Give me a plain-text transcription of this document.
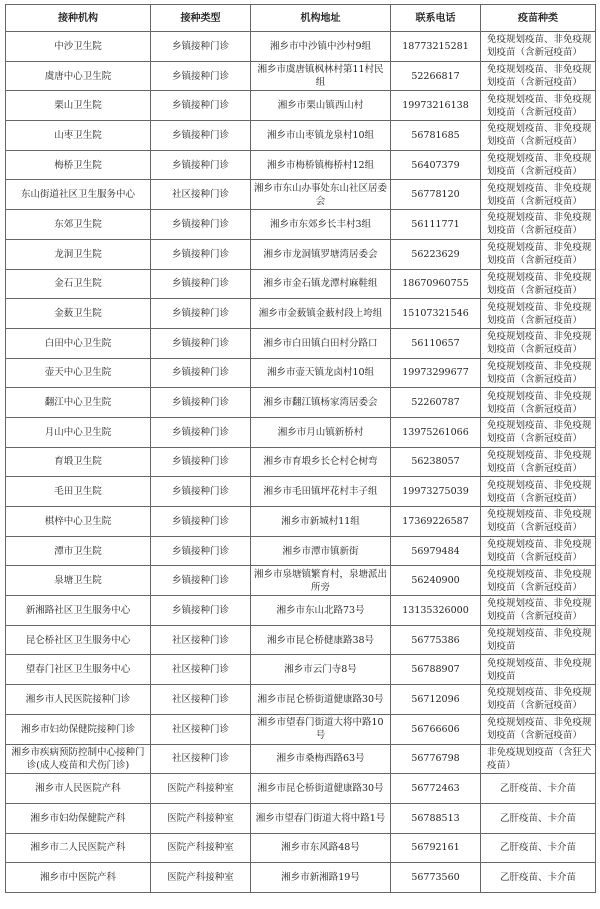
接种机构	接种类型	机构地址	联系电话	疫苗种类
中沙卫生院	乡镇接种门诊	湘乡市中沙镇中沙村9组	18773215281	免疫规划疫苗、非免疫规划疫苗（含新冠疫苗）
虞唐中心卫生院	乡镇接种门诊	湘乡市虞唐镇枫林村第11村民组	52266817	免疫规划疫苗、非免疫规划疫苗（含新冠疫苗）
栗山卫生院	乡镇接种门诊	湘乡市栗山镇西山村	19973216138	免疫规划疫苗、非免疫规划疫苗（含新冠疫苗）
山枣卫生院	乡镇接种门诊	湘乡市山枣镇龙泉村10组	56781685	免疫规划疫苗、非免疫规划疫苗（含新冠疫苗）
梅桥卫生院	乡镇接种门诊	湘乡市梅桥镇梅桥村12组	56407379	免疫规划疫苗、非免疫规划疫苗（含新冠疫苗）
东山街道社区卫生服务中心	社区接种门诊	湘乡市东山办事处东山社区居委会	56778120	免疫规划疫苗、非免疫规划疫苗（含新冠疫苗）
东郊卫生院	乡镇接种门诊	湘乡市东郊乡长丰村3组	56111771	免疫规划疫苗、非免疫规划疫苗（含新冠疫苗）
龙洞卫生院	乡镇接种门诊	湘乡市龙洞镇罗塘湾居委会	56223629	免疫规划疫苗、非免疫规划疫苗（含新冠疫苗）
金石卫生院	乡镇接种门诊	湘乡市金石镇龙潭村麻鞋组	18670960755	免疫规划疫苗、非免疫规划疫苗（含新冠疫苗）
金薮卫生院	乡镇接种门诊	湘乡市金薮镇金薮村段上垮组	15107321546	免疫规划疫苗、非免疫规划疫苗（含新冠疫苗）
白田中心卫生院	乡镇接种门诊	湘乡市白田镇白田村分路口	56110657	免疫规划疫苗、非免疫规划疫苗（含新冠疫苗）
壶天中心卫生院	乡镇接种门诊	湘乡市壶天镇龙卤村10组	19973299677	免疫规划疫苗、非免疫规划疫苗（含新冠疫苗）
翻江中心卫生院	乡镇接种门诊	湘乡市翻江镇杨家湾居委会	52260787	免疫规划疫苗、非免疫规划疫苗（含新冠疫苗）
月山中心卫生院	乡镇接种门诊	湘乡市月山镇新桥村	13975261066	免疫规划疫苗、非免疫规划疫苗（含新冠疫苗）
育塅卫生院	乡镇接种门诊	湘乡市育塅乡长仑村仑树弯	56238057	免疫规划疫苗、非免疫规划疫苗（含新冠疫苗）
毛田卫生院	乡镇接种门诊	湘乡市毛田镇坪花村丰子组	19973275039	免疫规划疫苗、非免疫规划疫苗（含新冠疫苗）
棋梓中心卫生院	乡镇接种门诊	湘乡市新城村11组	17369226587	免疫规划疫苗、非免疫规划疫苗（含新冠疫苗）
潭市卫生院	乡镇接种门诊	湘乡市潭市镇新街	56979484	免疫规划疫苗、非免疫规划疫苗（含新冠疫苗）
泉塘卫生院	乡镇接种门诊	湘乡市泉塘镇繁育村，泉塘派出所旁	56240900	免疫规划疫苗、非免疫规划疫苗（含新冠疫苗）
新湘路社区卫生服务中心	乡镇接种门诊	湘乡市东山北路73号	13135326000	免疫规划疫苗、非免疫规划疫苗（含新冠疫苗）
昆仑桥社区卫生服务中心	社区接种门诊	湘乡市昆仑桥健康路38号	56775386	免疫规划疫苗、非免疫规划疫苗
望春门社区卫生服务中心	社区接种门诊	湘乡市云门寺8号	56788907	免疫规划疫苗、非免疫规划疫苗
湘乡市人民医院接种门诊	社区接种门诊	湘乡市昆仑桥街道健康路30号	56712096	免疫规划疫苗、非免疫规划疫苗（含新冠疫苗）
湘乡市妇幼保健院接种门诊	社区接种门诊	湘乡市望春门街道大将中路10号	56766606	免疫规划疫苗、非免疫规划疫苗（含新冠疫苗）
湘乡市疾病预防控制中心接种门诊(成人疫苗和犬伤门诊)	社区接种门诊	湘乡市桑梅西路63号	56776798	非免疫规划疫苗（含狂犬疫苗）
湘乡市人民医院产科	医院产科接种室	湘乡市昆仑桥街道健康路30号	56772463	乙肝疫苗、卡介苗
湘乡市妇幼保健院产科	医院产科接种室	湘乡市望春门街道大将中路1号	56788513	乙肝疫苗、卡介苗
湘乡市二人民医院产科	医院产科接种室	湘乡市东风路48号	56792161	乙肝疫苗、卡介苗
湘乡市中医院产科	医院产科接种室	湘乡市新湘路19号	56773560	乙肝疫苗、卡介苗
